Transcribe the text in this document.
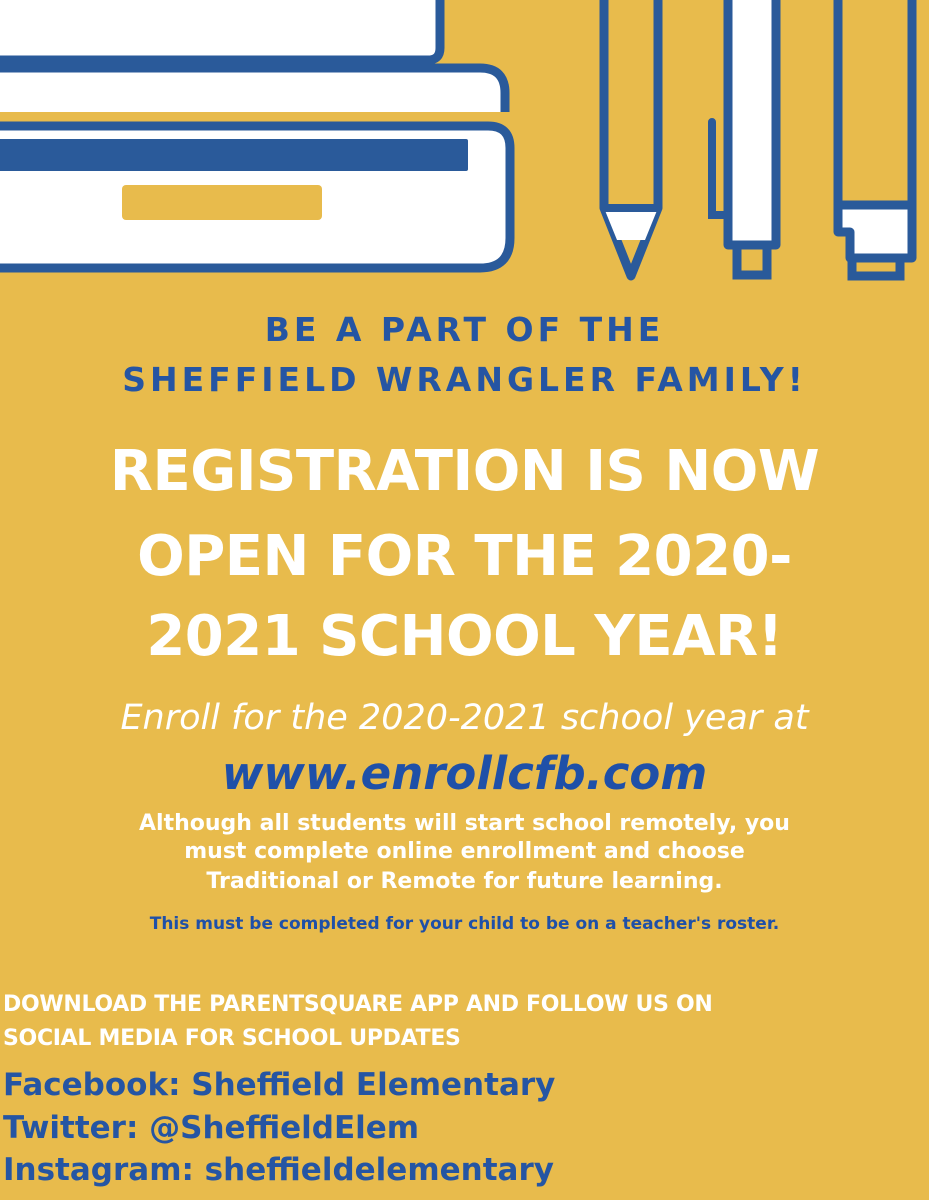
BE A PART OF THE

SHEFFIELD WRANGLER FAMILY!

REGISTRATION IS NOW

OPEN FOR THE 2020-

2021 SCHOOL YEAR!

Enroll for the 2020-2021 school year at

www.enrollcfb.com

Although all students will start school remotely, you

must complete online enrollment and choose

Traditional or Remote for future learning.

This must be completed for your child to be on a teacher's roster.

DOWNLOAD THE PARENTSQUARE APP AND FOLLOW US ON

SOCIAL MEDIA FOR SCHOOL UPDATES

Facebook: Sheffield Elementary

Twitter: @SheffieldElem

Instagram: sheffieldelementary
